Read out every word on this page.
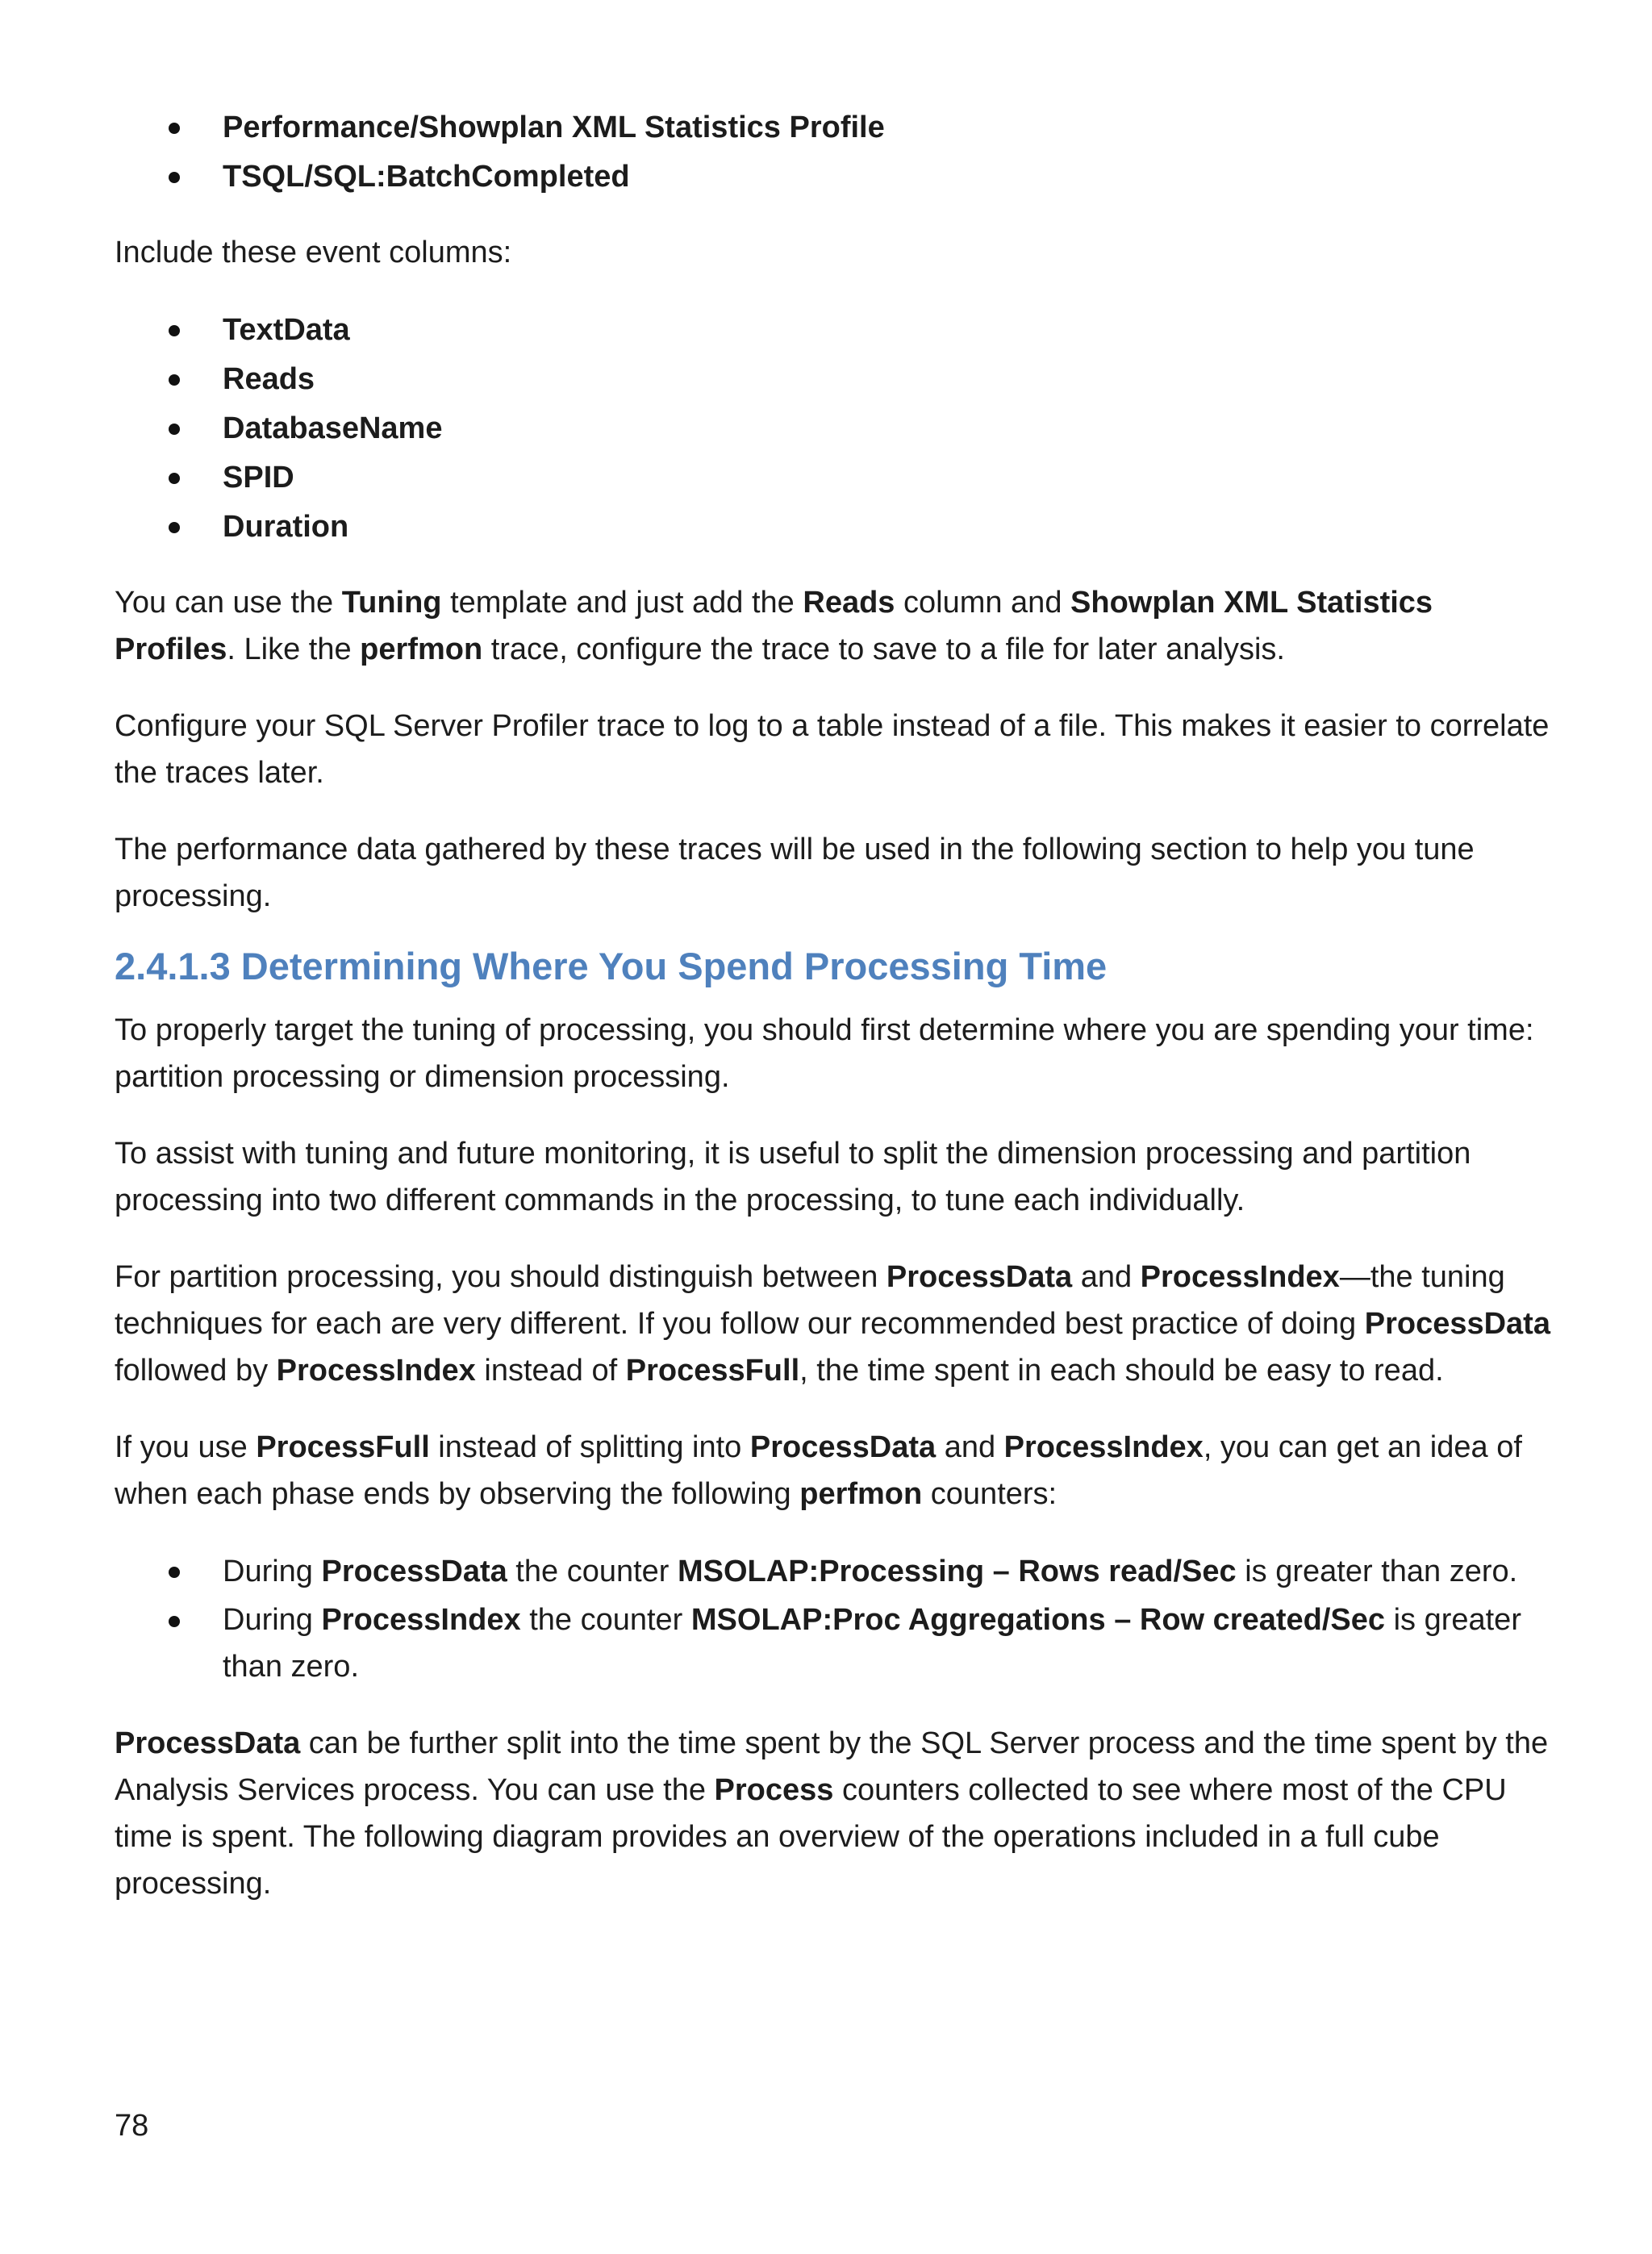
Performance/Showplan XML Statistics Profile
TSQL/SQL:BatchCompleted

Include these event columns:

TextData
Reads
DatabaseName
SPID
Duration

You can use the Tuning template and just add the Reads column and Showplan XML Statistics Profiles. Like the perfmon trace, configure the trace to save to a file for later analysis.

Configure your SQL Server Profiler trace to log to a table instead of a file. This makes it easier to correlate the traces later.

The performance data gathered by these traces will be used in the following section to help you tune processing.

2.4.1.3 Determining Where You Spend Processing Time

To properly target the tuning of processing, you should first determine where you are spending your time: partition processing or dimension processing.

To assist with tuning and future monitoring, it is useful to split the dimension processing and partition processing into two different commands in the processing, to tune each individually.

For partition processing, you should distinguish between ProcessData and ProcessIndex—the tuning techniques for each are very different. If you follow our recommended best practice of doing ProcessData followed by ProcessIndex instead of ProcessFull, the time spent in each should be easy to read.

If you use ProcessFull instead of splitting into ProcessData and ProcessIndex, you can get an idea of when each phase ends by observing the following perfmon counters:

During ProcessData the counter MSOLAP:Processing – Rows read/Sec is greater than zero.
During ProcessIndex the counter MSOLAP:Proc Aggregations – Row created/Sec is greater than zero.

ProcessData can be further split into the time spent by the SQL Server process and the time spent by the Analysis Services process. You can use the Process counters collected to see where most of the CPU time is spent. The following diagram provides an overview of the operations included in a full cube processing.

78
